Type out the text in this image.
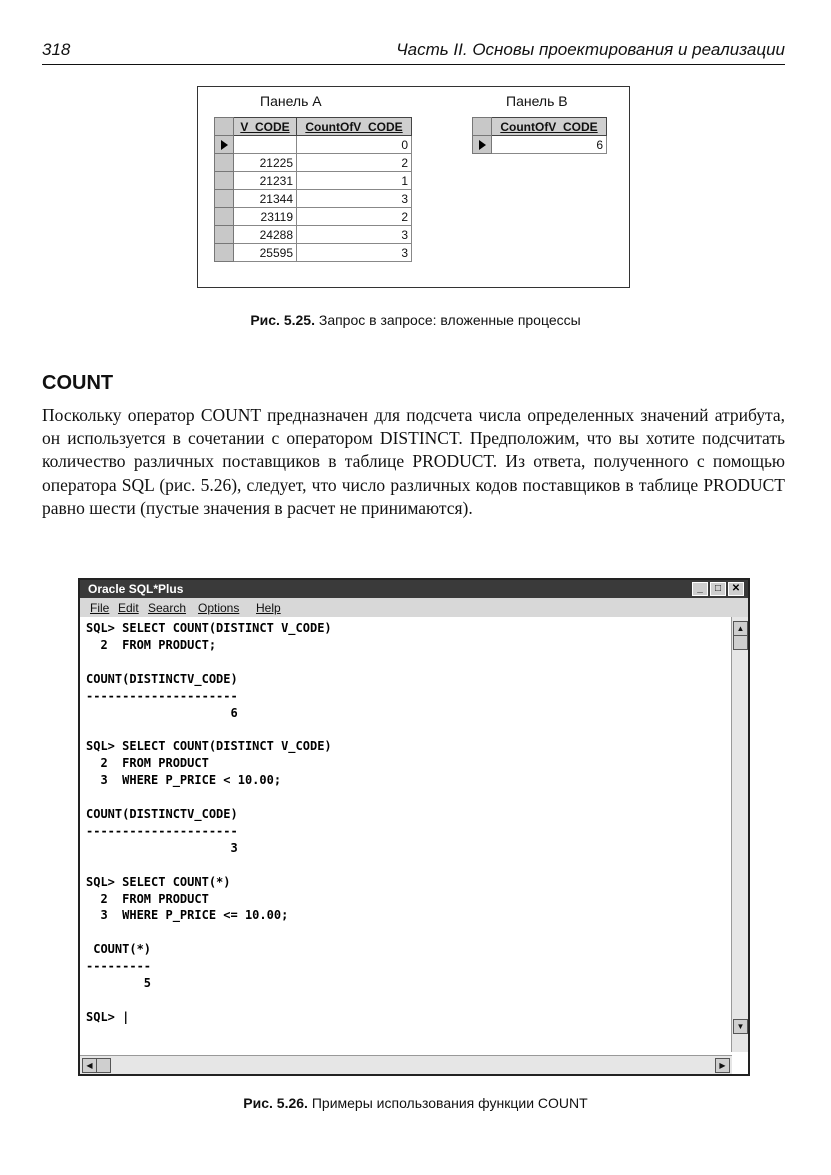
318	Часть II. Основы проектирования и реализации
Панель A	Панель B
	V_CODE	CountOfV_CODE

		0
	21225	2
	21231	1
	21344	3
	23119	2
	24288	3
	25595	3
	CountOfV_CODE

	6
Рис. 5.25. Запрос в запросе: вложенные процессы
COUNT
Поскольку оператор COUNT предназначен для подсчета числа определенных значений атрибута, он используется в сочетании с оператором DISTINCT. Предположим, что вы хотите подсчитать количество различных поставщиков в таблице PRODUCT. Из ответа, полученного с помощью оператора SQL (рис. 5.26), следует, что число различных кодов поставщиков в таблице PRODUCT равно шести (пустые значения в расчет не принимаются).
Oracle SQL*Plus	_	□	✕
File Edit Search Options Help
SQL> SELECT COUNT(DISTINCT V_CODE)
2  FROM PRODUCT;

COUNT(DISTINCTV_CODE)
---------------------
6

SQL> SELECT COUNT(DISTINCT V_CODE)
2  FROM PRODUCT
3  WHERE P_PRICE < 10.00;

COUNT(DISTINCTV_CODE)
---------------------
3

SQL> SELECT COUNT(*)
2  FROM PRODUCT
3  WHERE P_PRICE <= 10.00;

COUNT(*)
---------
5

SQL> |
▲
▼
◀	▶
Рис. 5.26. Примеры использования функции COUNT
